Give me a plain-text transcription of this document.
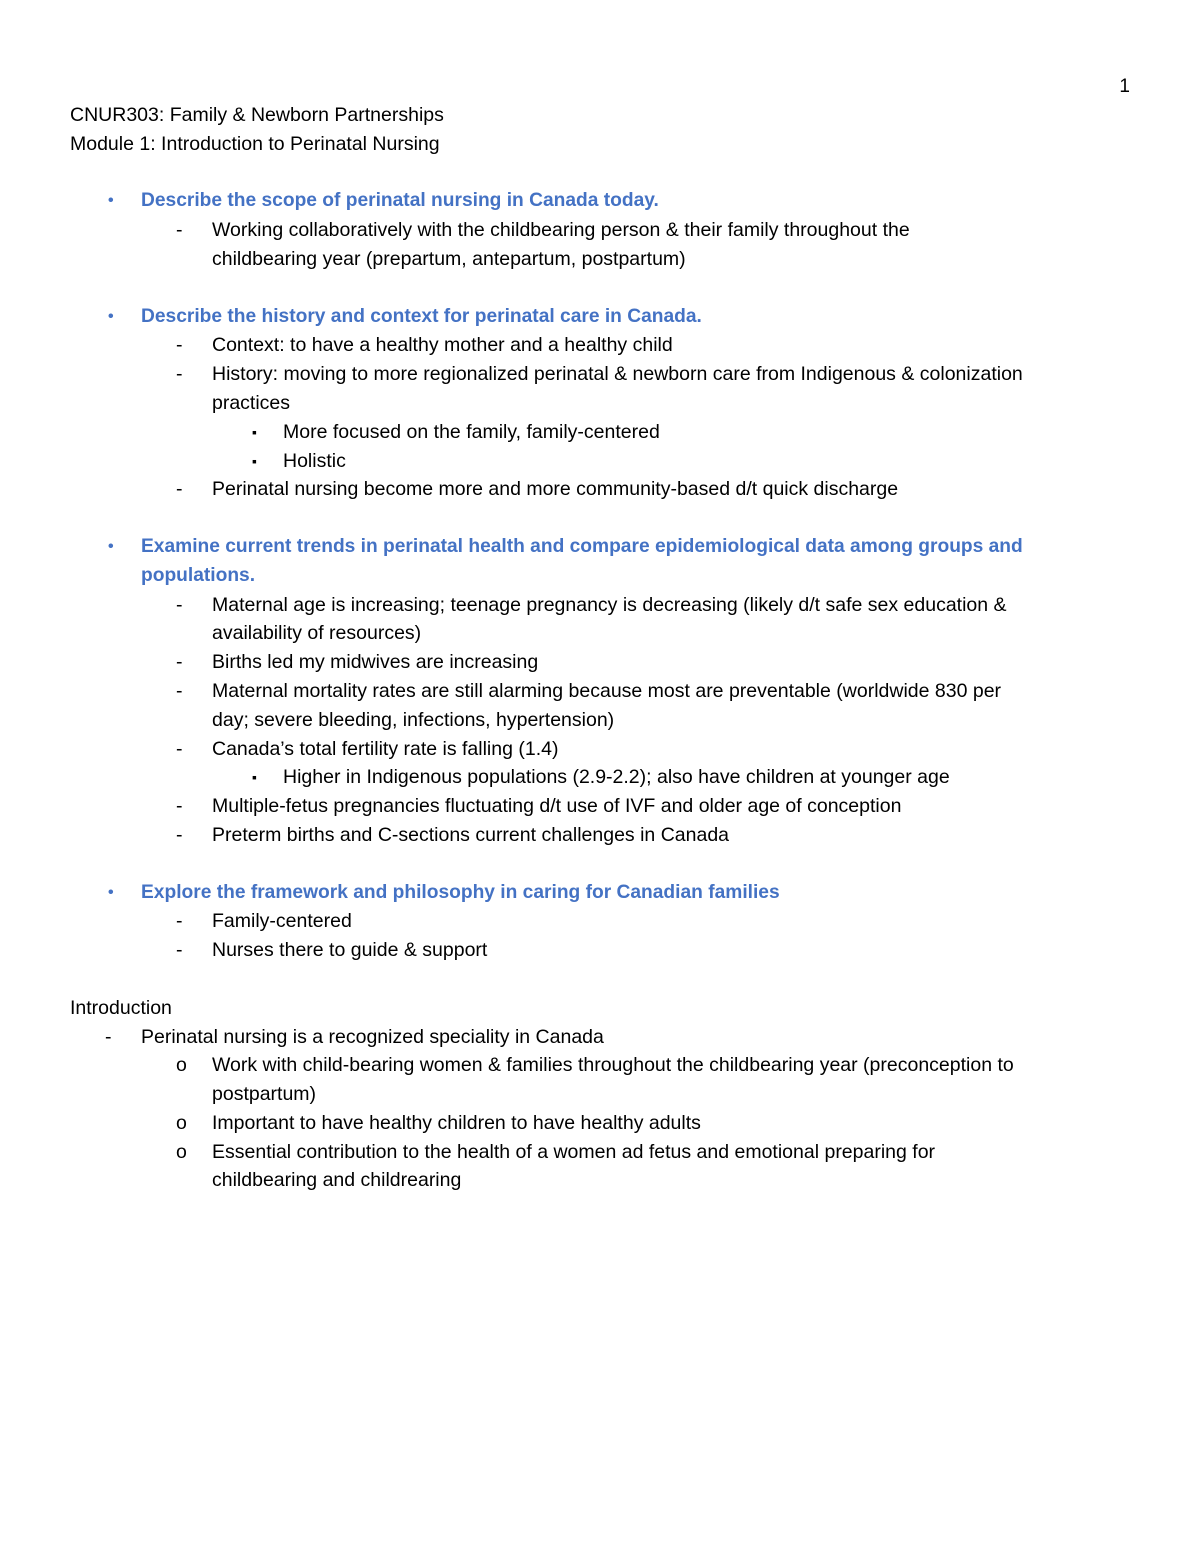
1

CNUR303: Family & Newborn Partnerships

Module 1: Introduction to Perinatal Nursing

• Describe the scope of perinatal nursing in Canada today.
- Working collaboratively with the childbearing person & their family throughout the
childbearing year (prepartum, antepartum, postpartum)
• Describe the history and context for perinatal care in Canada.
- Context: to have a healthy mother and a healthy child
- History: moving to more regionalized perinatal & newborn care from Indigenous & colonization
practices
▪ More focused on the family, family-centered
▪ Holistic
- Perinatal nursing become more and more community-based d/t quick discharge
• Examine current trends in perinatal health and compare epidemiological data among groups and
populations.
- Maternal age is increasing; teenage pregnancy is decreasing (likely d/t safe sex education &
availability of resources)
- Births led my midwives are increasing
- Maternal mortality rates are still alarming because most are preventable (worldwide 830 per
day; severe bleeding, infections, hypertension)
- Canada’s total fertility rate is falling (1.4)
▪ Higher in Indigenous populations (2.9-2.2); also have children at younger age
- Multiple-fetus pregnancies fluctuating d/t use of IVF and older age of conception
- Preterm births and C-sections current challenges in Canada
• Explore the framework and philosophy in caring for Canadian families
- Family-centered
- Nurses there to guide & support

Introduction

- Perinatal nursing is a recognized speciality in Canada
o Work with child-bearing women & families throughout the childbearing year (preconception to
postpartum)
o Important to have healthy children to have healthy adults
o Essential contribution to the health of a women ad fetus and emotional preparing for
childbearing and childrearing
